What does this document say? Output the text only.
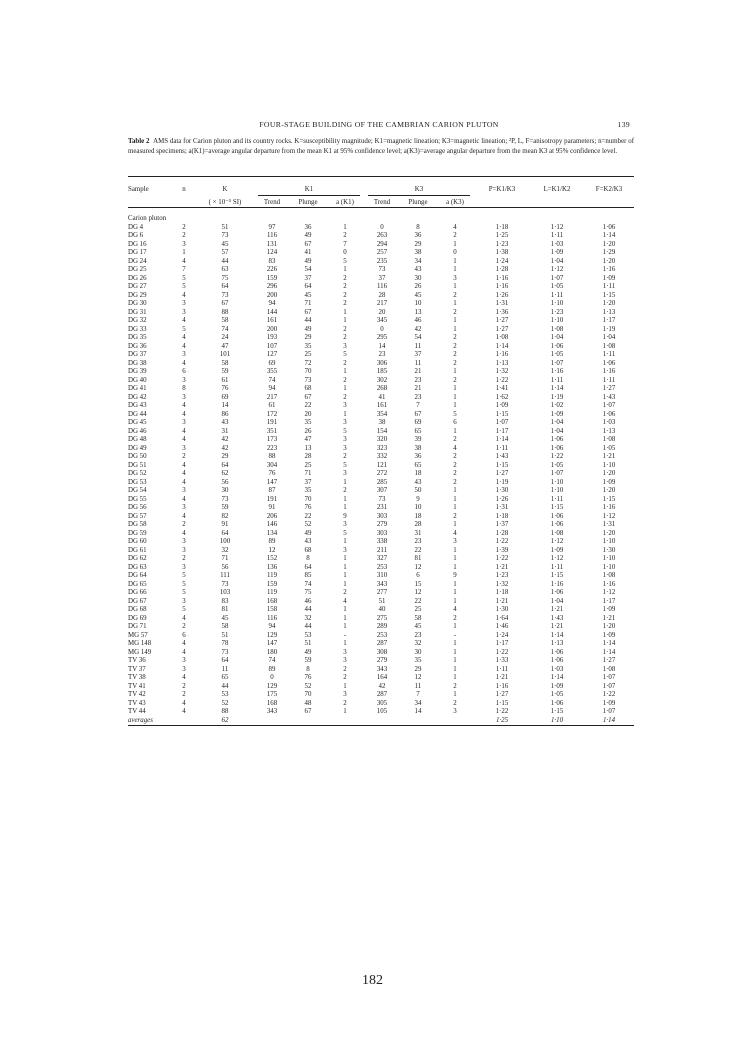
FOUR-STAGE BUILDING OF THE CAMBRIAN CARION PLUTON	139
Table 2 AMS data for Carion pluton and its country rocks. K=susceptibility magnitude; K1=magnetic lineation; K3=magnetic lineation; ²P, L, F=anisotropy parameters; n=number of measured specimens; a(K1)=average angular departure from the mean K1 at 95% confidence level; a(K3)=average angular departure from the mean K3 at 95% confidence level.
Sample	n	K	K1			K3			P=K1/K3	L=K1/K2	F=K2/K3
		( × 10⁻⁵ SI)	Trend	Plunge	a (K1)	Trend	Plunge	a (K3)			

Carion pluton											
DG 4	2	51	97	36	1	0	8	4	1·18	1·12	1·06
DG 6	2	73	116	49	2	263	36	2	1·25	1·11	1·14
DG 16	3	45	131	67	7	294	29	1	1·23	1·03	1·20
DG 17	1	57	124	41	0	257	38	0	1·38	1·09	1·29
DG 24	4	44	83	49	5	235	34	1	1·24	1·04	1·20
DG 25	7	63	226	54	1	73	43	1	1·28	1·12	1·16
DG 26	5	75	159	37	2	37	30	3	1·16	1·07	1·09
DG 27	5	64	296	64	2	116	26	1	1·16	1·05	1·11
DG 29	4	73	200	45	2	28	45	2	1·26	1·11	1·15
DG 30	3	67	94	71	2	217	10	1	1·31	1·10	1·20
DG 31	3	88	144	67	1	20	13	2	1·36	1·23	1·13
DG 32	4	58	161	44	1	345	46	1	1·27	1·10	1·17
DG 33	5	74	200	49	2	0	42	1	1·27	1·08	1·19
DG 35	4	24	193	29	2	295	54	2	1·08	1·04	1·04
DG 36	4	47	107	35	3	14	11	2	1·14	1·06	1·08
DG 37	3	101	127	25	5	23	37	2	1·16	1·05	1·11
DG 38	4	58	69	72	2	306	11	2	1·13	1·07	1·06
DG 39	6	59	355	70	1	185	21	1	1·32	1·16	1·16
DG 40	3	61	74	73	2	302	23	2	1·22	1·11	1·11
DG 41	8	76	94	68	1	268	21	1	1·41	1·14	1·27
DG 42	3	69	217	67	2	41	23	1	1·62	1·19	1·43
DG 43	4	14	61	22	3	161	7	1	1·09	1·02	1·07
DG 44	4	86	172	20	1	354	67	5	1·15	1·09	1·06
DG 45	3	43	191	35	3	38	69	6	1·07	1·04	1·03
DG 46	4	31	351	26	5	154	65	1	1·17	1·04	1·13
DG 48	4	42	173	47	3	320	39	2	1·14	1·06	1·08
DG 49	3	42	223	13	3	323	38	4	1·11	1·06	1·05
DG 50	2	29	88	28	2	332	36	2	1·43	1·22	1·21
DG 51	4	64	304	25	5	121	65	2	1·15	1·05	1·10
DG 52	4	62	76	71	3	272	18	2	1·27	1·07	1·20
DG 53	4	56	147	37	1	285	43	2	1·19	1·10	1·09
DG 54	3	30	87	35	2	307	50	1	1·30	1·10	1·20
DG 55	4	73	191	70	1	73	9	1	1·26	1·11	1·15
DG 56	3	59	91	76	1	231	10	1	1·31	1·15	1·16
DG 57	4	82	206	22	9	303	18	2	1·18	1·06	1·12
DG 58	2	91	146	52	3	279	28	1	1·37	1·06	1·31
DG 59	4	64	134	49	5	303	31	4	1·28	1·08	1·20
DG 60	3	100	89	43	1	338	23	3	1·22	1·12	1·10
DG 61	3	32	12	68	3	211	22	1	1·39	1·09	1·30
DG 62	2	71	152	8	1	327	81	1	1·22	1·12	1·10
DG 63	3	56	136	64	1	253	12	1	1·21	1·11	1·10
DG 64	5	111	119	85	1	310	6	9	1·23	1·15	1·08
DG 65	5	73	159	74	1	343	15	1	1·32	1·16	1·16
DG 66	5	103	119	75	2	277	12	1	1·18	1·06	1·12
DG 67	3	83	168	46	4	51	22	1	1·21	1·04	1·17
DG 68	5	81	158	44	1	40	25	4	1·30	1·21	1·09
DG 69	4	45	116	32	1	275	58	2	1·64	1·43	1·21
DG 71	2	58	94	44	1	289	45	1	1·46	1·21	1·20
MG 57	6	51	129	53	-	253	23	-	1·24	1·14	1·09
MG 148	4	78	147	51	1	287	32	1	1·17	1·13	1·14
MG 149	4	73	180	49	3	308	30	1	1·22	1·06	1·14
TV 36	3	64	74	59	3	279	35	1	1·33	1·06	1·27
TV 37	3	11	89	8	2	343	29	1	1·11	1·03	1·08
TV 38	4	65	0	76	2	164	12	1	1·21	1·14	1·07
TV 41	2	44	129	52	1	42	11	2	1·16	1·09	1·07
TV 42	2	53	175	70	3	287	7	1	1·27	1·05	1·22
TV 43	4	52	168	48	2	305	34	2	1·15	1·06	1·09
TV 44	4	88	343	67	1	105	14	3	1·22	1·15	1·07
averages		62							1·25	1·10	1·14
182
